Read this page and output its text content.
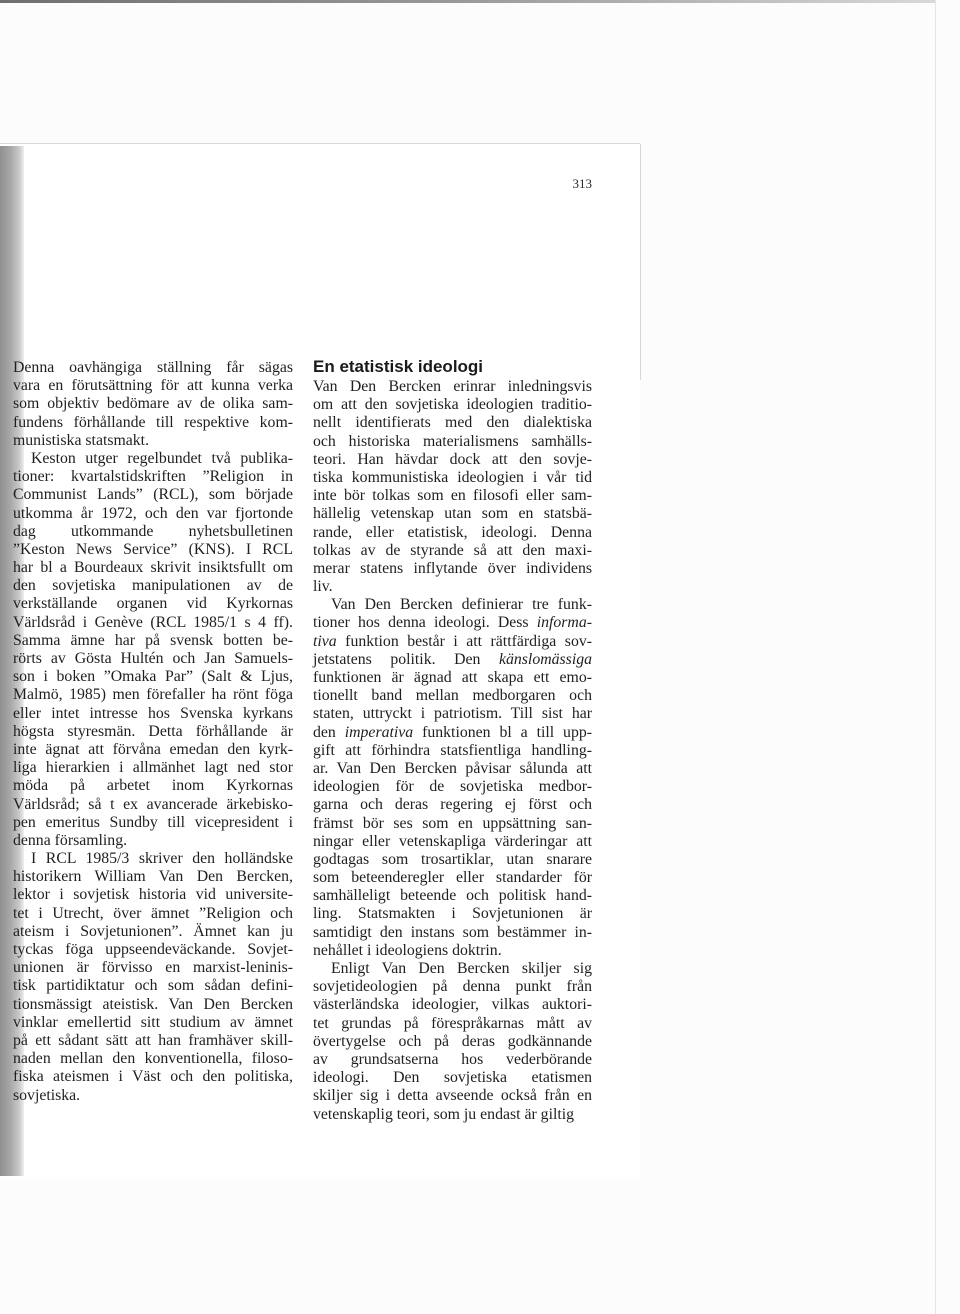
313
Denna oavhängiga ställning får sägas
vara en förutsättning för att kunna verka
som objektiv bedömare av de olika sam-
fundens förhållande till respektive kom-
munistiska statsmakt.
Keston utger regelbundet två publika-
tioner: kvartalstidskriften ”Religion in
Communist Lands” (RCL), som började
utkomma år 1972, och den var fjortonde
dag utkommande nyhetsbulletinen
”Keston News Service” (KNS). I RCL
har bl a Bourdeaux skrivit insiktsfullt om
den sovjetiska manipulationen av de
verkställande organen vid Kyrkornas
Världsråd i Genève (RCL 1985/1 s 4 ff).
Samma ämne har på svensk botten be-
rörts av Gösta Hultén och Jan Samuels-
son i boken ”Omaka Par” (Salt & Ljus,
Malmö, 1985) men förefaller ha rönt föga
eller intet intresse hos Svenska kyrkans
högsta styresmän. Detta förhållande är
inte ägnat att förvåna emedan den kyrk-
liga hierarkien i allmänhet lagt ned stor
möda på arbetet inom Kyrkornas
Världsråd; så t ex avancerade ärkebisko-
pen emeritus Sundby till vicepresident i
denna församling.
I RCL 1985/3 skriver den holländske
historikern William Van Den Bercken,
lektor i sovjetisk historia vid universite-
tet i Utrecht, över ämnet ”Religion och
ateism i Sovjetunionen”. Ämnet kan ju
tyckas föga uppseendeväckande. Sovjet-
unionen är förvisso en marxist-leninis-
tisk partidiktatur och som sådan defini-
tionsmässigt ateistisk. Van Den Bercken
vinklar emellertid sitt studium av ämnet
på ett sådant sätt att han framhäver skill-
naden mellan den konventionella, filoso-
fiska ateismen i Väst och den politiska,
sovjetiska.
En etatistisk ideologi
Van Den Bercken erinrar inledningsvis
om att den sovjetiska ideologien traditio-
nellt identifierats med den dialektiska
och historiska materialismens samhälls-
teori. Han hävdar dock att den sovje-
tiska kommunistiska ideologien i vår tid
inte bör tolkas som en filosofi eller sam-
hällelig vetenskap utan som en statsbä-
rande, eller etatistisk, ideologi. Denna
tolkas av de styrande så att den maxi-
merar statens inflytande över individens
liv.
Van Den Bercken definierar tre funk-
tioner hos denna ideologi. Dess informa-
tiva funktion består i att rättfärdiga sov-
jetstatens politik. Den känslomässiga
funktionen är ägnad att skapa ett emo-
tionellt band mellan medborgaren och
staten, uttryckt i patriotism. Till sist har
den imperativa funktionen bl a till upp-
gift att förhindra statsfientliga handling-
ar. Van Den Bercken påvisar sålunda att
ideologien för de sovjetiska medbor-
garna och deras regering ej först och
främst bör ses som en uppsättning san-
ningar eller vetenskapliga värderingar att
godtagas som trosartiklar, utan snarare
som beteenderegler eller standarder för
samhälleligt beteende och politisk hand-
ling. Statsmakten i Sovjetunionen är
samtidigt den instans som bestämmer in-
nehållet i ideologiens doktrin.
Enligt Van Den Bercken skiljer sig
sovjetideologien på denna punkt från
västerländska ideologier, vilkas auktori-
tet grundas på förespråkarnas mått av
övertygelse och på deras godkännande
av grundsatserna hos vederbörande
ideologi. Den sovjetiska etatismen
skiljer sig i detta avseende också från en
vetenskaplig teori, som ju endast är giltig
